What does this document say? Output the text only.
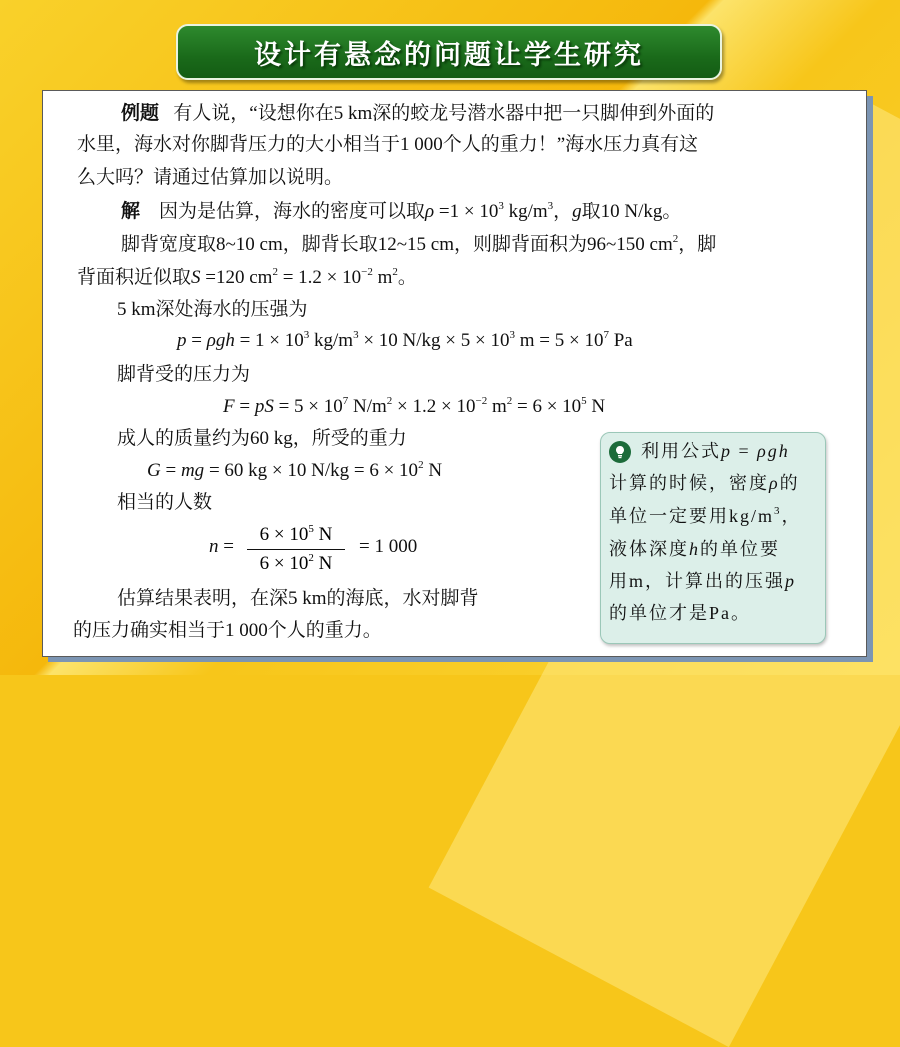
设计有悬念的问题让学生研究
例题 有人说，“设想你在5 km深的蛟龙号潜水器中把一只脚伸到外面的
水里，海水对你脚背压力的大小相当于1 000个人的重力！”海水压力真有这
么大吗？请通过估算加以说明。
解 因为是估算，海水的密度可以取$\rho =1 \times 10^3$ $kg/m^3$，g取10 N/kg。
脚背宽度取8~10 cm，脚背长取12~15 cm，则脚背面积为96~150 $cm^2$，脚
背面积近似取S =120 $cm^2 = 1.2 \times 10^{-2}$ $m^2$。
5 km深处海水的压强为
$p = \rho gh = 1 \times 10^3$ $kg/m^3 \times 10$ $N/kg \times 5 \times 10^3$ $m = 5 \times 10^7$ Pa
脚背受的压力为
F = pS = $5 \times 10^7$ $N/m^2 \times 1.2 \times 10^{-2}$ $m^2 = 6 \times 10^5$ N
成人的质量约为60 kg，所受的重力
G = mg = 60 kg × 10 $N/kg = 6 \times 10^2$ N
相当的人数
$n = \frac{6 \times 10^5 N}{6 \times 10^2 N} = 1$ 000
估算结果表明，在深5 km的海底，水对脚背
的压力确实相当于1 000个人的重力。
利用公式p = ρgh
计算的时候，密度ρ的
单位一定要用$kg/m^3$，
液体深度h的单位要
用m，计算出的压强p
的单位才是Pa。
